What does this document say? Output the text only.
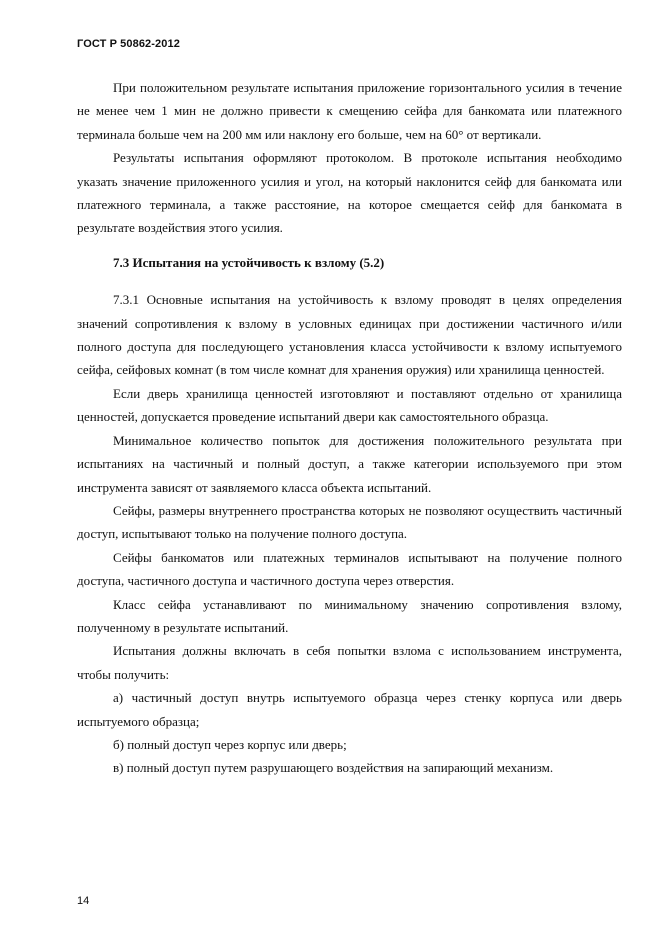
ГОСТ Р 50862-2012

При положительном результате испытания приложение горизонтального усилия в течение не менее чем 1 мин не должно привести к смещению сейфа для банкомата или платежного терминала больше чем на 200 мм или наклону его больше, чем на 60° от вертикали.

Результаты испытания оформляют протоколом. В протоколе испытания необходимо указать значение приложенного усилия и угол, на который наклонится сейф для банкомата или платежного терминала, а также расстояние, на которое смещается сейф для банкомата в результате воздействия этого усилия.

7.3 Испытания на устойчивость к взлому (5.2)

7.3.1 Основные испытания на устойчивость к взлому проводят в целях определения значений сопротивления к взлому в условных единицах при достижении частичного и/или полного доступа для последующего установления класса устойчивости к взлому испытуемого сейфа, сейфовых комнат (в том числе комнат для хранения оружия) или хранилища ценностей.

Если дверь хранилища ценностей изготовляют и поставляют отдельно от хранилища ценностей, допускается проведение испытаний двери как самостоятельного образца.

Минимальное количество попыток для достижения положительного результата при испытаниях на частичный и полный доступ, а также категории используемого при этом инструмента зависят от заявляемого класса объекта испытаний.

Сейфы, размеры внутреннего пространства которых не позволяют осуществить частичный доступ, испытывают только на получение полного доступа.

Сейфы банкоматов или платежных терминалов испытывают на получение полного доступа, частичного доступа и частичного доступа через отверстия.

Класс сейфа устанавливают по минимальному значению сопротивления взлому, полученному в результате испытаний.

Испытания должны включать в себя попытки взлома с использованием инструмента, чтобы получить:

а) частичный доступ внутрь испытуемого образца через стенку корпуса или дверь испытуемого образца;

б) полный доступ через корпус или дверь;

в) полный доступ путем разрушающего воздействия на запирающий механизм.

14
